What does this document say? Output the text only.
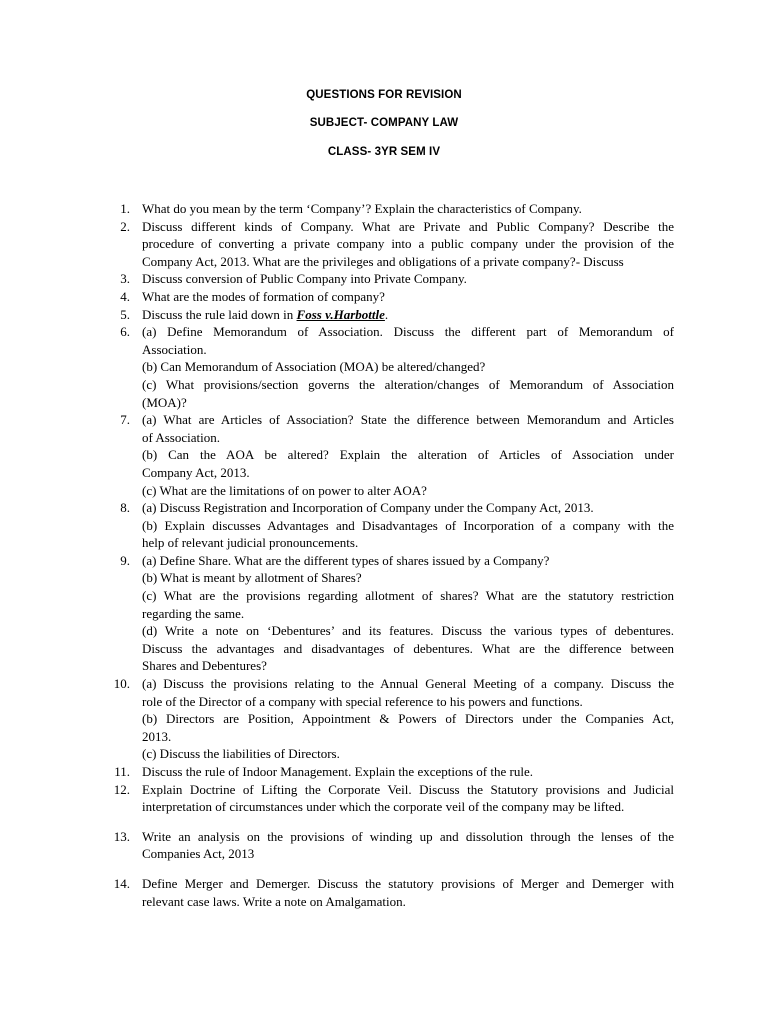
QUESTIONS FOR REVISION
SUBJECT- COMPANY LAW
CLASS- 3YR SEM IV
1. What do you mean by the term ‘Company’? Explain the characteristics of Company.
2. Discuss different kinds of Company. What are Private and Public Company? Describe the
procedure of converting a private company into a public company under the provision of the
Company Act, 2013. What are the privileges and obligations of a private company?- Discuss
3. Discuss conversion of Public Company into Private Company.
4. What are the modes of formation of company?
5. Discuss the rule laid down in Foss v.Harbottle.
6. (a) Define Memorandum of Association. Discuss the different part of Memorandum of
Association.
(b) Can Memorandum of Association (MOA) be altered/changed?
(c) What provisions/section governs the alteration/changes of Memorandum of Association
(MOA)?
7. (a) What are Articles of Association? State the difference between Memorandum and Articles
of Association.
(b) Can the AOA be altered? Explain the alteration of Articles of Association under
Company Act, 2013.
(c) What are the limitations of on power to alter AOA?
8. (a) Discuss Registration and Incorporation of Company under the Company Act, 2013.
(b) Explain discusses Advantages and Disadvantages of Incorporation of a company with the
help of relevant judicial pronouncements.
9. (a) Define Share. What are the different types of shares issued by a Company?
(b) What is meant by allotment of Shares?
(c) What are the provisions regarding allotment of shares? What are the statutory restriction
regarding the same.
(d) Write a note on ‘Debentures’ and its features. Discuss the various types of debentures.
Discuss the advantages and disadvantages of debentures. What are the difference between
Shares and Debentures?
10. (a) Discuss the provisions relating to the Annual General Meeting of a company. Discuss the
role of the Director of a company with special reference to his powers and functions.
(b) Directors are Position, Appointment & Powers of Directors under the Companies Act,
2013.
(c) Discuss the liabilities of Directors.
11. Discuss the rule of Indoor Management. Explain the exceptions of the rule.
12. Explain Doctrine of Lifting the Corporate Veil. Discuss the Statutory provisions and Judicial
interpretation of circumstances under which the corporate veil of the company may be lifted.
13. Write an analysis on the provisions of winding up and dissolution through the lenses of the
Companies Act, 2013
14. Define Merger and Demerger. Discuss the statutory provisions of Merger and Demerger with
relevant case laws. Write a note on Amalgamation.
